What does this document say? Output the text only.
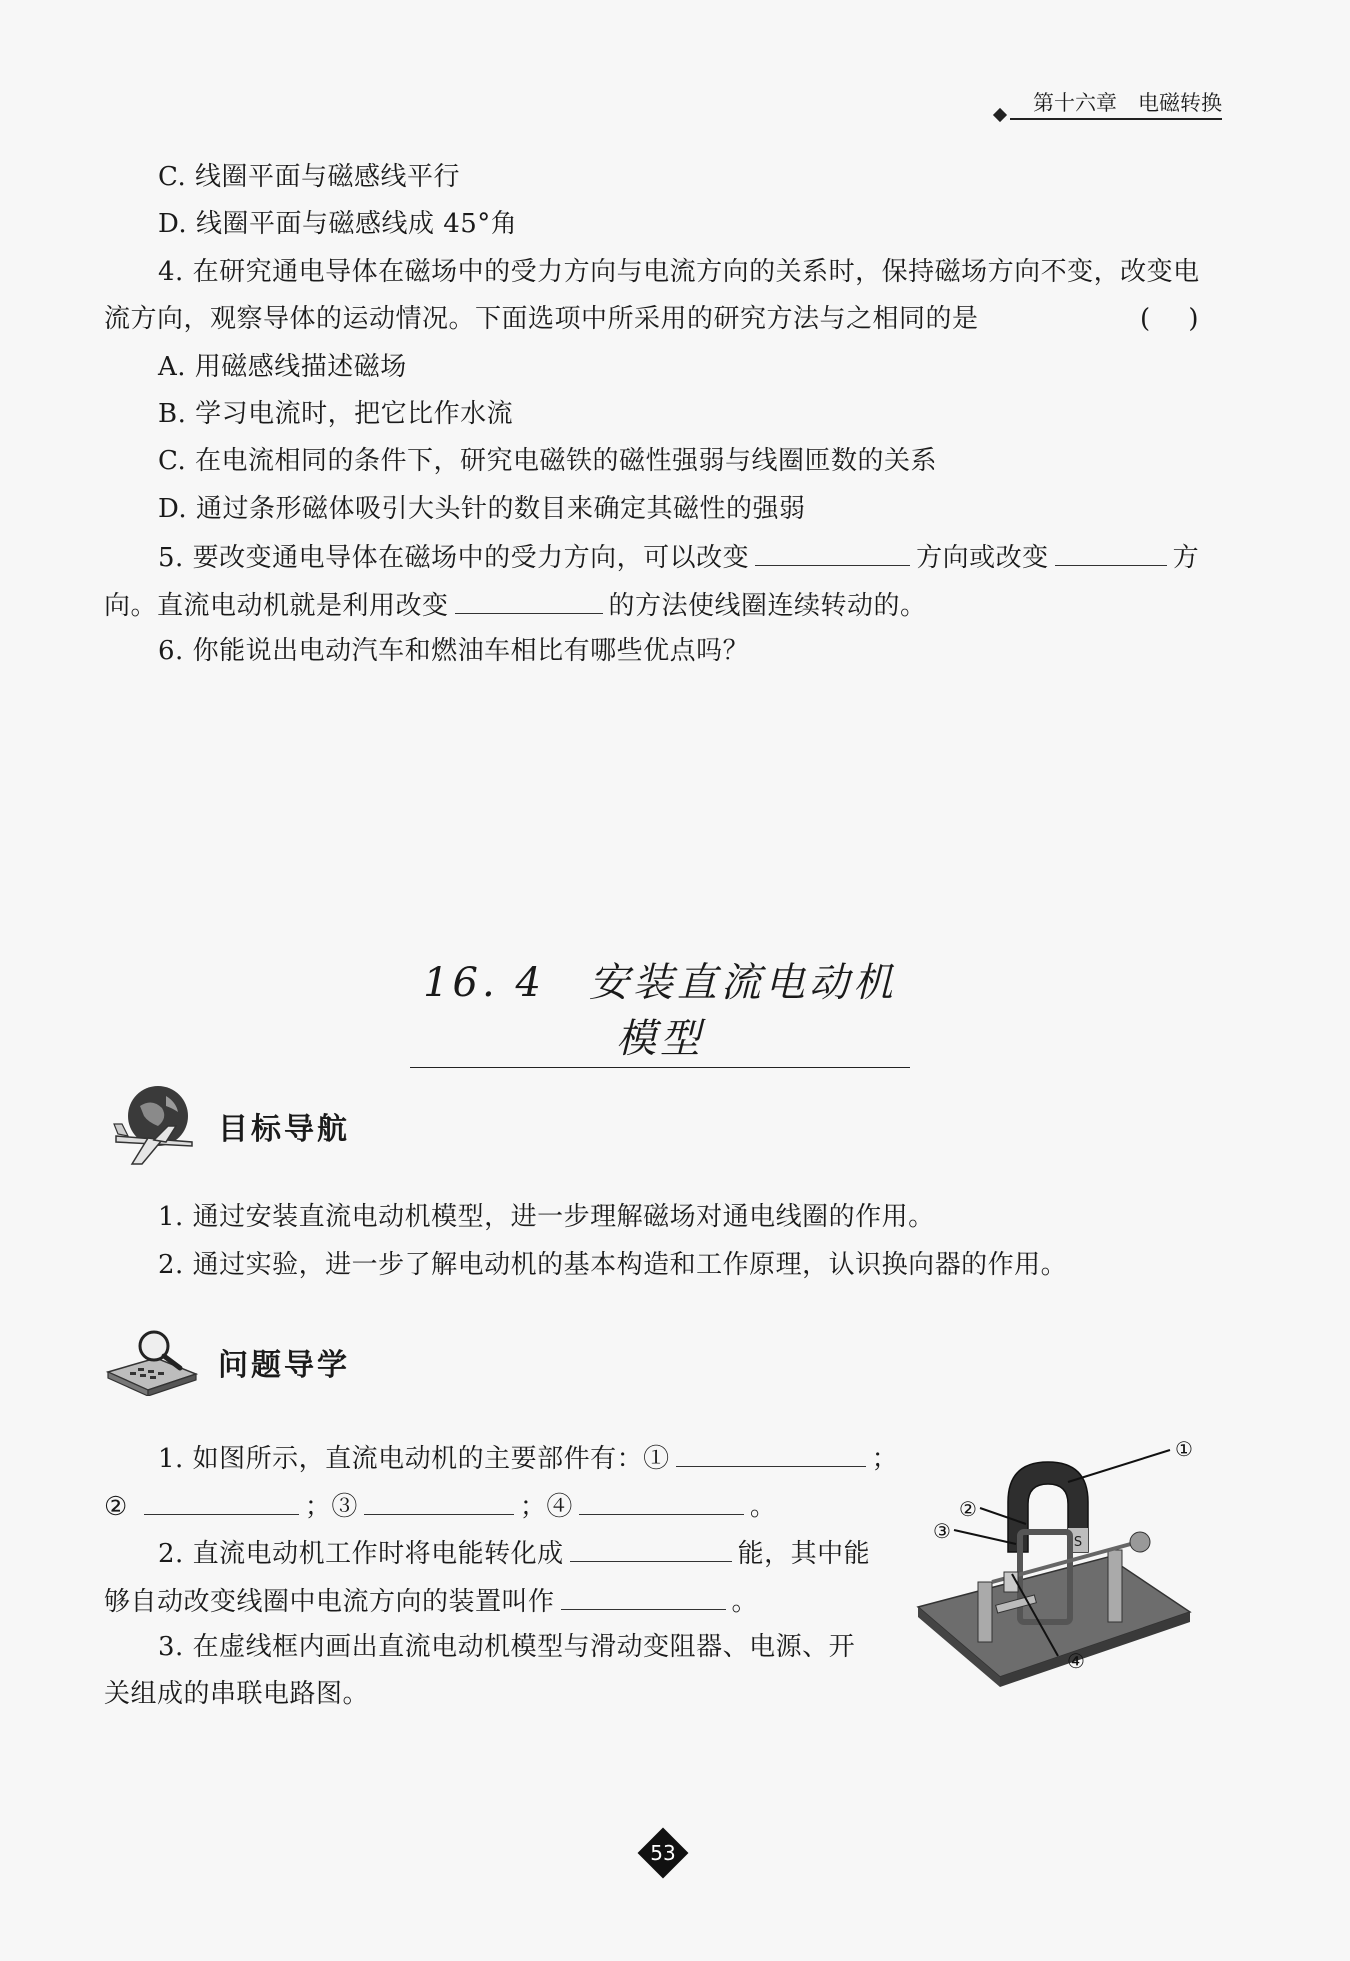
第十六章　电磁转换
C. 线圈平面与磁感线平行
D. 线圈平面与磁感线成 45°角
4. 在研究通电导体在磁场中的受力方向与电流方向的关系时，保持磁场方向不变，改变电
流方向，观察导体的运动情况。下面选项中所采用的研究方法与之相同的是	( )
A. 用磁感线描述磁场
B. 学习电流时，把它比作水流
C. 在电流相同的条件下，研究电磁铁的磁性强弱与线圈匝数的关系
D. 通过条形磁体吸引大头针的数目来确定其磁性的强弱
5. 要改变通电导体在磁场中的受力方向，可以改变	方向或改变	方
向。直流电动机就是利用改变	的方法使线圈连续转动的。
6. 你能说出电动汽车和燃油车相比有哪些优点吗？
16. 4　安装直流电动机模型
目标导航
1. 通过安装直流电动机模型，进一步理解磁场对通电线圈的作用。
2. 通过实验，进一步了解电动机的基本构造和工作原理，认识换向器的作用。
问题导学
1. 如图所示，直流电动机的主要部件有：①	；
②	；③	；④	。
2. 直流电动机工作时将电能转化成	能，其中能
够自动改变线圈中电流方向的装置叫作	。
3. 在虚线框内画出直流电动机模型与滑动变阻器、电源、开
关组成的串联电路图。
S
①
②
③
④
53
